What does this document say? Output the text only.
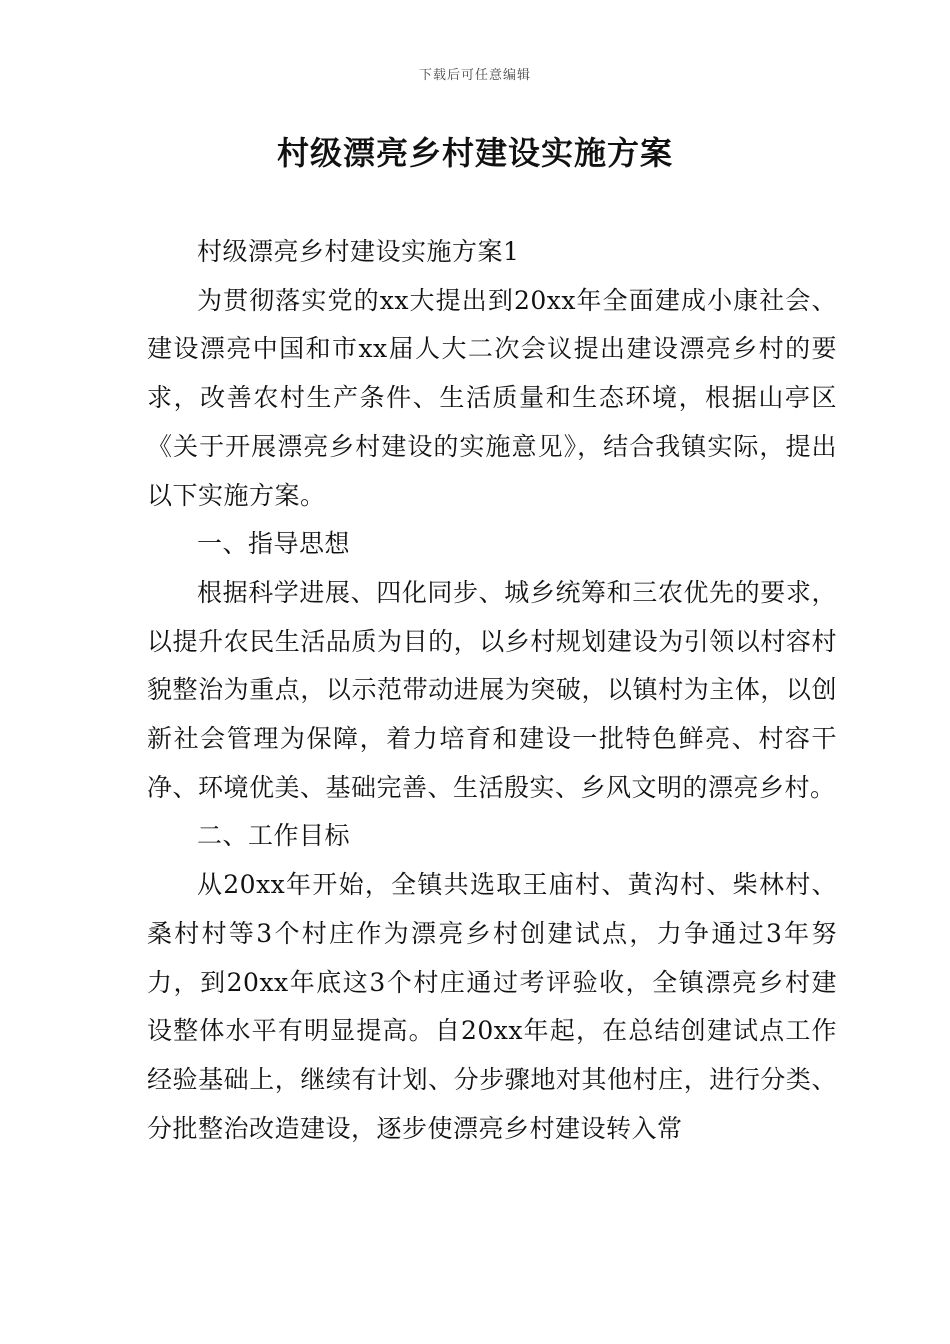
下载后可任意编辑
村级漂亮乡村建设实施方案

村级漂亮乡村建设实施方案1

为贯彻落实党的xx大提出到20xx年全面建成小康社会、建设漂亮中国和市xx届人大二次会议提出建设漂亮乡村的要求，改善农村生产条件、生活质量和生态环境，根据山亭区《关于开展漂亮乡村建设的实施意见》，结合我镇实际，提出以下实施方案。

一、指导思想

根据科学进展、四化同步、城乡统筹和三农优先的要求，以提升农民生活品质为目的，以乡村规划建设为引领以村容村貌整治为重点，以示范带动进展为突破，以镇村为主体，以创新社会管理为保障，着力培育和建设一批特色鲜亮、村容干净、环境优美、基础完善、生活殷实、乡风文明的漂亮乡村。

二、工作目标

从20xx年开始，全镇共选取王庙村、黄沟村、柴林村、桑村村等3个村庄作为漂亮乡村创建试点，力争通过3年努力，到20xx年底这3个村庄通过考评验收，全镇漂亮乡村建设整体水平有明显提高。自20xx年起，在总结创建试点工作经验基础上，继续有计划、分步骤地对其他村庄，进行分类、分批整治改造建设，逐步使漂亮乡村建设转入常
